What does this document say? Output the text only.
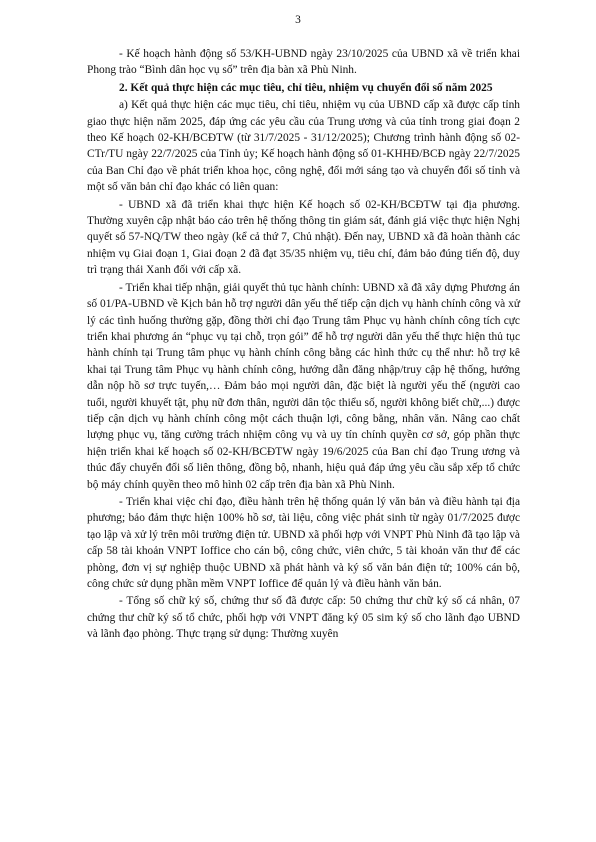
3

- Kế hoạch hành động số 53/KH-UBND ngày 23/10/2025 của UBND xã về triển khai Phong trào “Bình dân học vụ số” trên địa bàn xã Phù Ninh.

2. Kết quả thực hiện các mục tiêu, chỉ tiêu, nhiệm vụ chuyển đổi số năm 2025

a) Kết quả thực hiện các mục tiêu, chỉ tiêu, nhiệm vụ của UBND cấp xã được cấp tỉnh giao thực hiện năm 2025, đáp ứng các yêu cầu của Trung ương và của tỉnh trong giai đoạn 2 theo Kế hoạch 02-KH/BCĐTW (từ 31/7/2025 - 31/12/2025); Chương trình hành động số 02-CTr/TU ngày 22/7/2025 của Tỉnh ủy; Kế hoạch hành động số 01-KHHĐ/BCĐ ngày 22/7/2025 của Ban Chỉ đạo về phát triển khoa học, công nghệ, đổi mới sáng tạo và chuyển đổi số tỉnh và một số văn bản chỉ đạo khác có liên quan:

- UBND xã đã triển khai thực hiện Kế hoạch số 02-KH/BCĐTW tại địa phương. Thường xuyên cập nhật báo cáo trên hệ thống thông tin giám sát, đánh giá việc thực hiện Nghị quyết số 57-NQ/TW theo ngày (kể cả thứ 7, Chủ nhật). Đến nay, UBND xã đã hoàn thành các nhiệm vụ Giai đoạn 1, Giai đoạn 2 đã đạt 35/35 nhiệm vụ, tiêu chí, đảm bảo đúng tiến độ, duy trì trạng thái Xanh đối với cấp xã.

- Triển khai tiếp nhận, giải quyết thủ tục hành chính: UBND xã đã xây dựng Phương án số 01/PA-UBND về Kịch bản hỗ trợ người dân yếu thế tiếp cận dịch vụ hành chính công và xử lý các tình huống thường gặp, đồng thời chỉ đạo Trung tâm Phục vụ hành chính công tích cực triển khai phương án “phục vụ tại chỗ, trọn gói” để hỗ trợ người dân yếu thế thực hiện thủ tục hành chính tại Trung tâm phục vụ hành chính công bằng các hình thức cụ thể như: hỗ trợ kê khai tại Trung tâm Phục vụ hành chính công, hướng dẫn đăng nhập/truy cập hệ thống, hướng dẫn nộp hồ sơ trực tuyến,… Đảm bảo mọi người dân, đặc biệt là người yếu thế (người cao tuổi, người khuyết tật, phụ nữ đơn thân, người dân tộc thiểu số, người không biết chữ,...) được tiếp cận dịch vụ hành chính công một cách thuận lợi, công bằng, nhân văn. Nâng cao chất lượng phục vụ, tăng cường trách nhiệm công vụ và uy tín chính quyền cơ sở, góp phần thực hiện triển khai kế hoạch số 02-KH/BCĐTW ngày 19/6/2025 của Ban chỉ đạo Trung ương và thúc đẩy chuyển đổi số liên thông, đồng bộ, nhanh, hiệu quả đáp ứng yêu cầu sắp xếp tổ chức bộ máy chính quyền theo mô hình 02 cấp trên địa bàn xã Phù Ninh.

- Triển khai việc chỉ đạo, điều hành trên hệ thống quản lý văn bản và điều hành tại địa phương; bảo đảm thực hiện 100% hồ sơ, tài liệu, công việc phát sinh từ ngày 01/7/2025 được tạo lập và xử lý trên môi trường điện tử. UBND xã phối hợp với VNPT Phù Ninh đã tạo lập và cấp 58 tài khoản VNPT Ioffice cho cán bộ, công chức, viên chức, 5 tài khoản văn thư để các phòng, đơn vị sự nghiệp thuộc UBND xã phát hành và ký số văn bản điện tử; 100% cán bộ, công chức sử dụng phần mềm VNPT Ioffice để quản lý và điều hành văn bản.

- Tổng số chữ ký số, chứng thư số đã được cấp: 50 chứng thư chữ ký số cá nhân, 07 chứng thư chữ ký số tổ chức, phối hợp với VNPT đăng ký 05 sim ký số cho lãnh đạo UBND và lãnh đạo phòng. Thực trạng sử dụng: Thường xuyên
